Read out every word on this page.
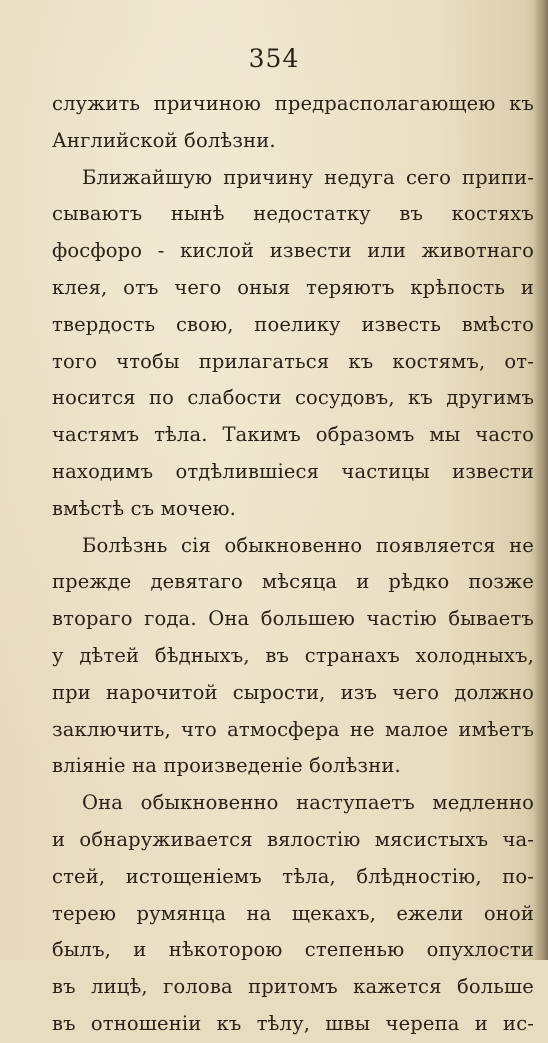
354
служить причиною предрасполагающею къ
Английской болѣзни.
Ближайшую причину недуга сего припи-
сываютъ нынѣ недостатку въ костяхъ
фосфоро - кислой извести или животнаго
клея, отъ чего оныя теряютъ крѣпость и
твердость свою, поелику известь вмѣсто
того чтобы прилагаться къ костямъ, от-
носится по слабости сосудовъ, къ другимъ
частямъ тѣла. Такимъ образомъ мы часто
находимъ отдѣлившіеся частицы извести
вмѣстѣ съ мочею.
Болѣзнь сія обыкновенно появляется не
прежде девятаго мѣсяца и рѣдко позже
втораго года. Она большею частію бываетъ
у дѣтей бѣдныхъ, въ странахъ холодныхъ,
при нарочитой сырости, изъ чего должно
заключить, что атмосфера не малое имѣетъ
вліяніе на произведеніе болѣзни.
Она обыкновенно наступаетъ медленно
и обнаруживается вялостію мясистыхъ ча-
стей, истощеніемъ тѣла, блѣдностію, по-
терею румянца на щекахъ, ежели оной
былъ, и нѣкоторою степенью опухлости
въ лицѣ, голова притомъ кажется больше
въ отношеніи къ тѣлу, швы черепа и ис-
